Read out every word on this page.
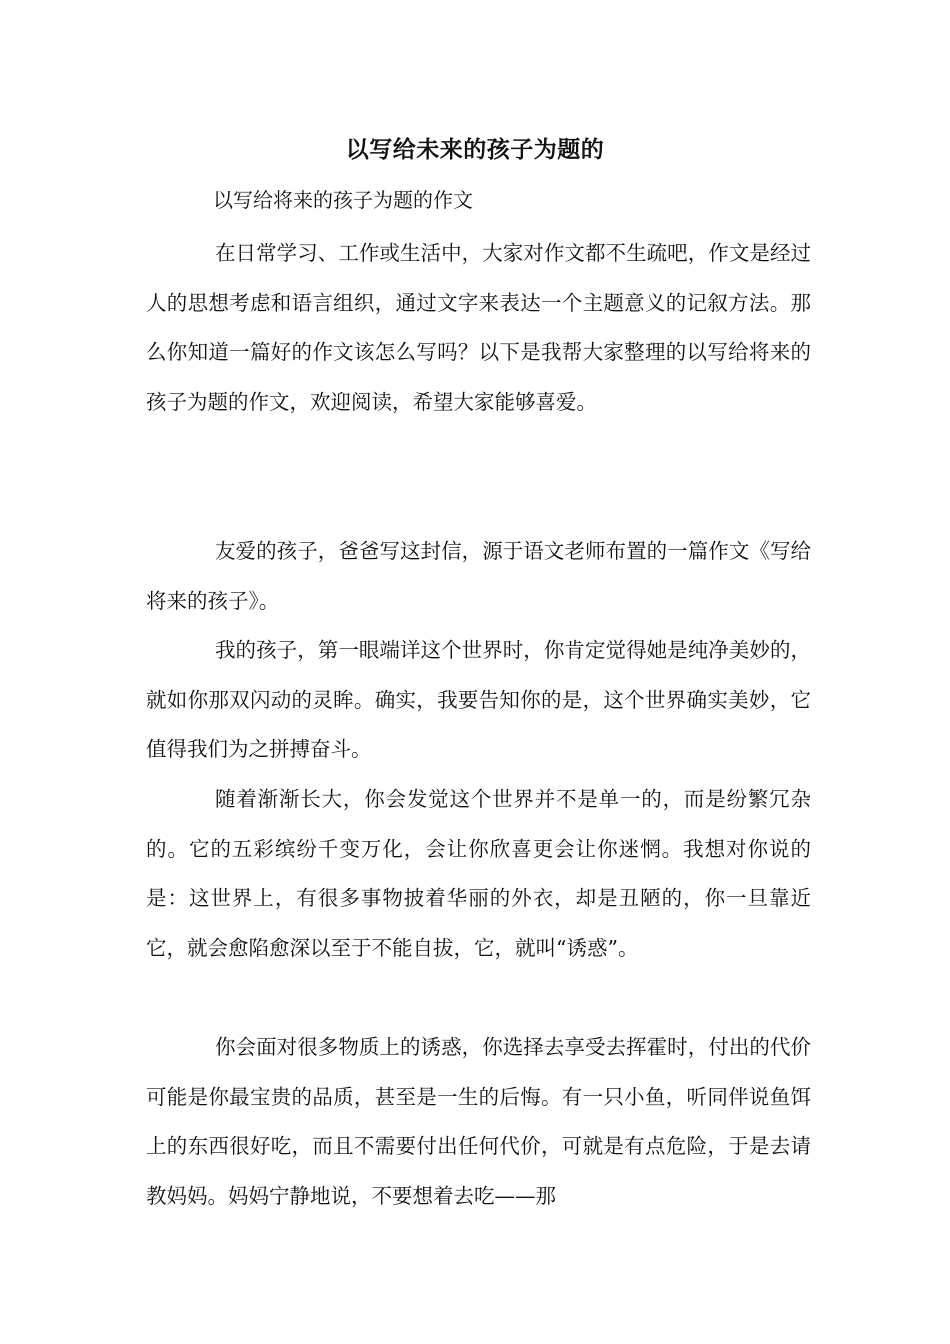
以写给未来的孩子为题的
以写给将来的孩子为题的作文

在日常学习、工作或生活中，大家对作文都不生疏吧，作文是经过人的思想考虑和语言组织，通过文字来表达一个主题意义的记叙方法。那么你知道一篇好的作文该怎么写吗？以下是我帮大家整理的以写给将来的孩子为题的作文，欢迎阅读，希望大家能够喜爱。

友爱的孩子，爸爸写这封信，源于语文老师布置的一篇作文《写给将来的孩子》。

我的孩子，第一眼端详这个世界时，你肯定觉得她是纯净美妙的，就如你那双闪动的灵眸。确实，我要告知你的是，这个世界确实美妙，它值得我们为之拼搏奋斗。

随着渐渐长大，你会发觉这个世界并不是单一的，而是纷繁冗杂的。它的五彩缤纷千变万化，会让你欣喜更会让你迷惘。我想对你说的是：这世界上，有很多事物披着华丽的外衣，却是丑陋的，你一旦靠近它，就会愈陷愈深以至于不能自拔，它，就叫“诱惑”。

你会面对很多物质上的诱惑，你选择去享受去挥霍时，付出的代价可能是你最宝贵的品质，甚至是一生的后悔。有一只小鱼，听同伴说鱼饵上的东西很好吃，而且不需要付出任何代价，可就是有点危险，于是去请教妈妈。妈妈宁静地说，不要想着去吃——那
